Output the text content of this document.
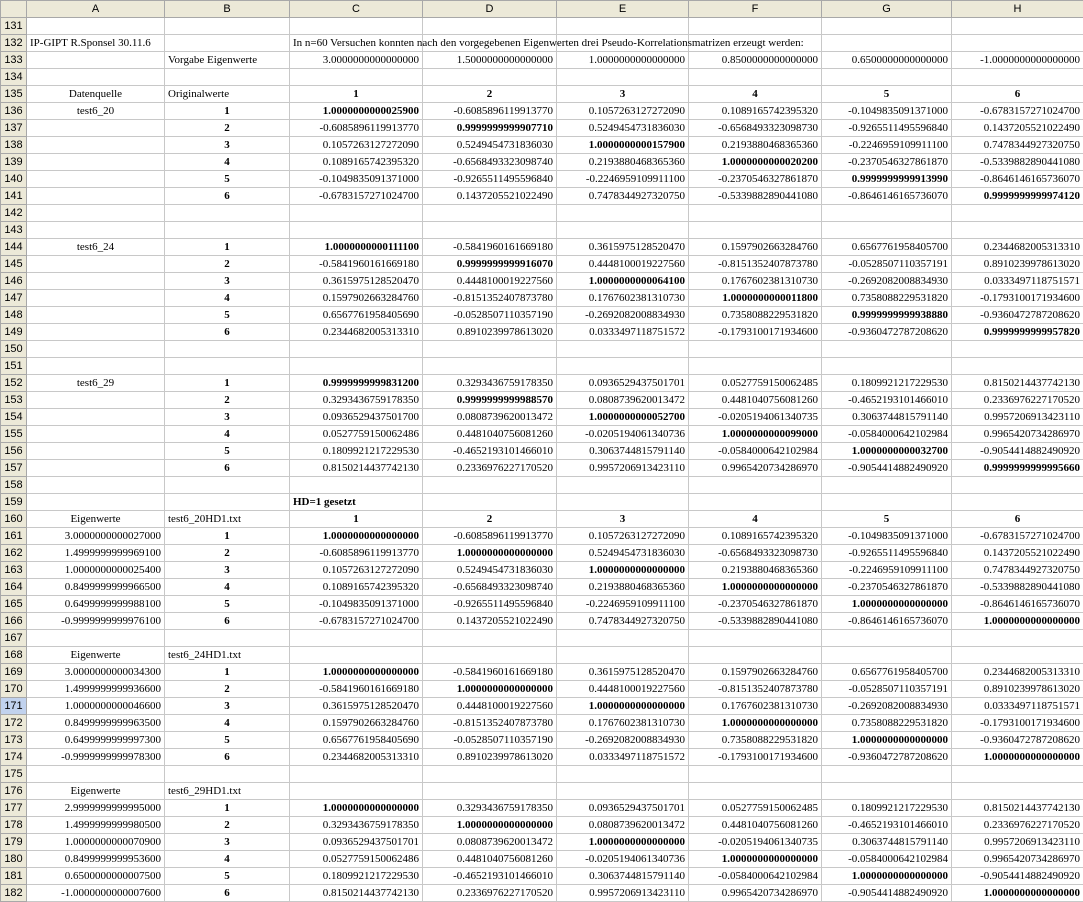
	A	B	C	D	E	F	G	H
131								
132	IP-GIPT R.Sponsel 30.11.6		In n=60 Versuchen konnten nach den vorgegebenen Eigenwerten drei Pseudo-Korrelationsmatrizen erzeugt werden:					
133		Vorgabe Eigenwerte	3.0000000000000000	1.5000000000000000	1.0000000000000000	0.8500000000000000	0.6500000000000000	-1.0000000000000000
134								
135	Datenquelle	Originalwerte	1	2	3	4	5	6
136	test6_20	1	1.0000000000025900	-0.6085896119913770	0.1057263127272090	0.1089165742395320	-0.1049835091371000	-0.6783157271024700
137		2	-0.6085896119913770	0.9999999999907710	0.5249454731836030	-0.6568493323098730	-0.9265511495596840	0.1437205521022490
138		3	0.1057263127272090	0.5249454731836030	1.0000000000157900	0.2193880468365360	-0.2246959109911100	0.7478344927320750
139		4	0.1089165742395320	-0.6568493323098740	0.2193880468365360	1.0000000000020200	-0.2370546327861870	-0.5339882890441080
140		5	-0.1049835091371000	-0.9265511495596840	-0.2246959109911100	-0.2370546327861870	0.9999999999913990	-0.8646146165736070
141		6	-0.6783157271024700	0.1437205521022490	0.7478344927320750	-0.5339882890441080	-0.8646146165736070	0.9999999999974120
142								
143								
144	test6_24	1	1.0000000000111100	-0.5841960161669180	0.3615975128520470	0.1597902663284760	0.6567761958405700	0.2344682005313310
145		2	-0.5841960161669180	0.9999999999916070	0.4448100019227560	-0.8151352407873780	-0.0528507110357191	0.8910239978613020
146		3	0.3615975128520470	0.4448100019227560	1.0000000000064100	0.1767602381310730	-0.2692082008834930	0.0333497118751571
147		4	0.1597902663284760	-0.8151352407873780	0.1767602381310730	1.0000000000011800	0.7358088229531820	-0.1793100171934600
148		5	0.6567761958405690	-0.0528507110357190	-0.2692082008834930	0.7358088229531820	0.9999999999938880	-0.9360472787208620
149		6	0.2344682005313310	0.8910239978613020	0.0333497118751572	-0.1793100171934600	-0.9360472787208620	0.9999999999957820
150								
151								
152	test6_29	1	0.9999999999831200	0.3293436759178350	0.0936529437501701	0.0527759150062485	0.1809921217229530	0.8150214437742130
153		2	0.3293436759178350	0.9999999999988570	0.0808739620013472	0.4481040756081260	-0.4652193101466010	0.2336976227170520
154		3	0.0936529437501700	0.0808739620013472	1.0000000000052700	-0.0205194061340735	0.3063744815791140	0.9957206913423110
155		4	0.0527759150062486	0.4481040756081260	-0.0205194061340736	1.0000000000099000	-0.0584000642102984	0.9965420734286970
156		5	0.1809921217229530	-0.4652193101466010	0.3063744815791140	-0.0584000642102984	1.0000000000032700	-0.9054414882490920
157		6	0.8150214437742130	0.2336976227170520	0.9957206913423110	0.9965420734286970	-0.9054414882490920	0.9999999999995660
158								
159			HD=1 gesetzt					
160	Eigenwerte	test6_20HD1.txt	1	2	3	4	5	6
161	3.0000000000027000	1	1.0000000000000000	-0.6085896119913770	0.1057263127272090	0.1089165742395320	-0.1049835091371000	-0.6783157271024700
162	1.4999999999969100	2	-0.6085896119913770	1.0000000000000000	0.5249454731836030	-0.6568493323098730	-0.9265511495596840	0.1437205521022490
163	1.0000000000025400	3	0.1057263127272090	0.5249454731836030	1.0000000000000000	0.2193880468365360	-0.2246959109911100	0.7478344927320750
164	0.8499999999966500	4	0.1089165742395320	-0.6568493323098740	0.2193880468365360	1.0000000000000000	-0.2370546327861870	-0.5339882890441080
165	0.6499999999988100	5	-0.1049835091371000	-0.9265511495596840	-0.2246959109911100	-0.2370546327861870	1.0000000000000000	-0.8646146165736070
166	-0.9999999999976100	6	-0.6783157271024700	0.1437205521022490	0.7478344927320750	-0.5339882890441080	-0.8646146165736070	1.0000000000000000
167								
168	Eigenwerte	test6_24HD1.txt						
169	3.0000000000034300	1	1.0000000000000000	-0.5841960161669180	0.3615975128520470	0.1597902663284760	0.6567761958405700	0.2344682005313310
170	1.4999999999936600	2	-0.5841960161669180	1.0000000000000000	0.4448100019227560	-0.8151352407873780	-0.0528507110357191	0.8910239978613020
171	1.0000000000046600	3	0.3615975128520470	0.4448100019227560	1.0000000000000000	0.1767602381310730	-0.2692082008834930	0.0333497118751571
172	0.8499999999963500	4	0.1597902663284760	-0.8151352407873780	0.1767602381310730	1.0000000000000000	0.7358088229531820	-0.1793100171934600
173	0.6499999999997300	5	0.6567761958405690	-0.0528507110357190	-0.2692082008834930	0.7358088229531820	1.0000000000000000	-0.9360472787208620
174	-0.9999999999978300	6	0.2344682005313310	0.8910239978613020	0.0333497118751572	-0.1793100171934600	-0.9360472787208620	1.0000000000000000
175								
176	Eigenwerte	test6_29HD1.txt						
177	2.9999999999995000	1	1.0000000000000000	0.3293436759178350	0.0936529437501701	0.0527759150062485	0.1809921217229530	0.8150214437742130
178	1.4999999999980500	2	0.3293436759178350	1.0000000000000000	0.0808739620013472	0.4481040756081260	-0.4652193101466010	0.2336976227170520
179	1.0000000000070900	3	0.0936529437501701	0.0808739620013472	1.0000000000000000	-0.0205194061340735	0.3063744815791140	0.9957206913423110
180	0.8499999999953600	4	0.0527759150062486	0.4481040756081260	-0.0205194061340736	1.0000000000000000	-0.0584000642102984	0.9965420734286970
181	0.6500000000007500	5	0.1809921217229530	-0.4652193101466010	0.3063744815791140	-0.0584000642102984	1.0000000000000000	-0.9054414882490920
182	-1.0000000000007600	6	0.8150214437742130	0.2336976227170520	0.9957206913423110	0.9965420734286970	-0.9054414882490920	1.0000000000000000
